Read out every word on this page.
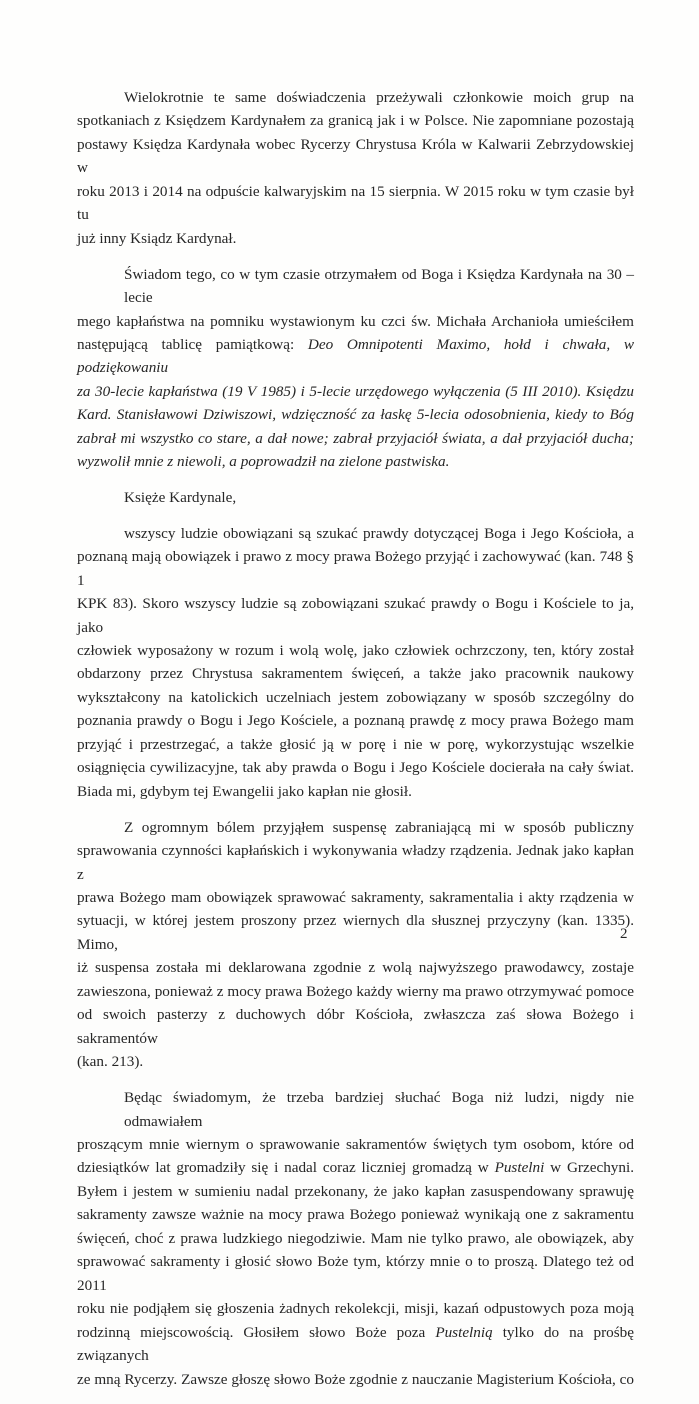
Wielokrotnie te same doświadczenia przeżywali członkowie moich grup na
spotkaniach z Księdzem Kardynałem za granicą jak i w Polsce. Nie zapomniane pozostają
postawy Księdza Kardynała wobec Rycerzy Chrystusa Króla w Kalwarii Zebrzydowskiej w
roku 2013 i 2014 na odpuście kalwaryjskim na 15 sierpnia. W 2015 roku w tym czasie był tu
już inny Ksiądz Kardynał.

Świadom tego, co w tym czasie otrzymałem od Boga i Księdza Kardynała na 30 –lecie
mego kapłaństwa na pomniku wystawionym ku czci św. Michała Archanioła umieściłem
następującą tablicę pamiątkową: Deo Omnipotenti Maximo, hołd i chwała, w podziękowaniu
za 30-lecie kapłaństwa (19 V 1985) i 5-lecie urzędowego wyłączenia (5 III 2010). Księdzu
Kard. Stanisławowi Dziwiszowi, wdzięczność za łaskę 5-lecia odosobnienia, kiedy to Bóg
zabrał mi wszystko co stare, a dał nowe; zabrał przyjaciół świata, a dał przyjaciół ducha;
wyzwolił mnie z niewoli, a poprowadził na zielone pastwiska.

Księże Kardynale,

wszyscy ludzie obowiązani są szukać prawdy dotyczącej Boga i Jego Kościoła, a
poznaną mają obowiązek i prawo z mocy prawa Bożego przyjąć i zachowywać (kan. 748 § 1
KPK 83). Skoro wszyscy ludzie są zobowiązani szukać prawdy o Bogu i Kościele to ja, jako
człowiek wyposażony w rozum i wolą wolę, jako człowiek ochrzczony, ten, który został
obdarzony przez Chrystusa sakramentem święceń, a także jako pracownik naukowy
wykształcony na katolickich uczelniach jestem zobowiązany w sposób szczególny do
poznania prawdy o Bogu i Jego Kościele, a poznaną prawdę z mocy prawa Bożego mam
przyjąć i przestrzegać, a także głosić ją w porę i nie w porę, wykorzystując wszelkie
osiągnięcia cywilizacyjne, tak aby prawda o Bogu i Jego Kościele docierała na cały świat.
Biada mi, gdybym tej Ewangelii jako kapłan nie głosił.

Z ogromnym bólem przyjąłem suspensę zabraniającą mi w sposób publiczny
sprawowania czynności kapłańskich i wykonywania władzy rządzenia. Jednak jako kapłan z
prawa Bożego mam obowiązek sprawować sakramenty, sakramentalia i akty rządzenia w
sytuacji, w której jestem proszony przez wiernych dla słusznej przyczyny (kan. 1335). Mimo,
iż suspensa została mi deklarowana zgodnie z wolą najwyższego prawodawcy, zostaje
zawieszona, ponieważ z mocy prawa Bożego każdy wierny ma prawo otrzymywać pomoce
od swoich pasterzy z duchowych dóbr Kościoła, zwłaszcza zaś słowa Bożego i sakramentów
(kan. 213).

Będąc świadomym, że trzeba bardziej słuchać Boga niż ludzi, nigdy nie odmawiałem
proszącym mnie wiernym o sprawowanie sakramentów świętych tym osobom, które od
dziesiątków lat gromadziły się i nadal coraz liczniej gromadzą w Pustelni w Grzechyni.
Byłem i jestem w sumieniu nadal przekonany, że jako kapłan zasuspendowany sprawuję
sakramenty zawsze ważnie na mocy prawa Bożego ponieważ wynikają one z sakramentu
święceń, choć z prawa ludzkiego niegodziwie. Mam nie tylko prawo, ale obowiązek, aby
sprawować sakramenty i głosić słowo Boże tym, którzy mnie o to proszą. Dlatego też od 2011
roku nie podjąłem się głoszenia żadnych rekolekcji, misji, kazań odpustowych poza moją
rodzinną miejscowością. Głosiłem słowo Boże poza Pustelnią tylko do na prośbę związanych
ze mną Rycerzy. Zawsze głoszę słowo Boże zgodnie z nauczanie Magisterium Kościoła, co

2
